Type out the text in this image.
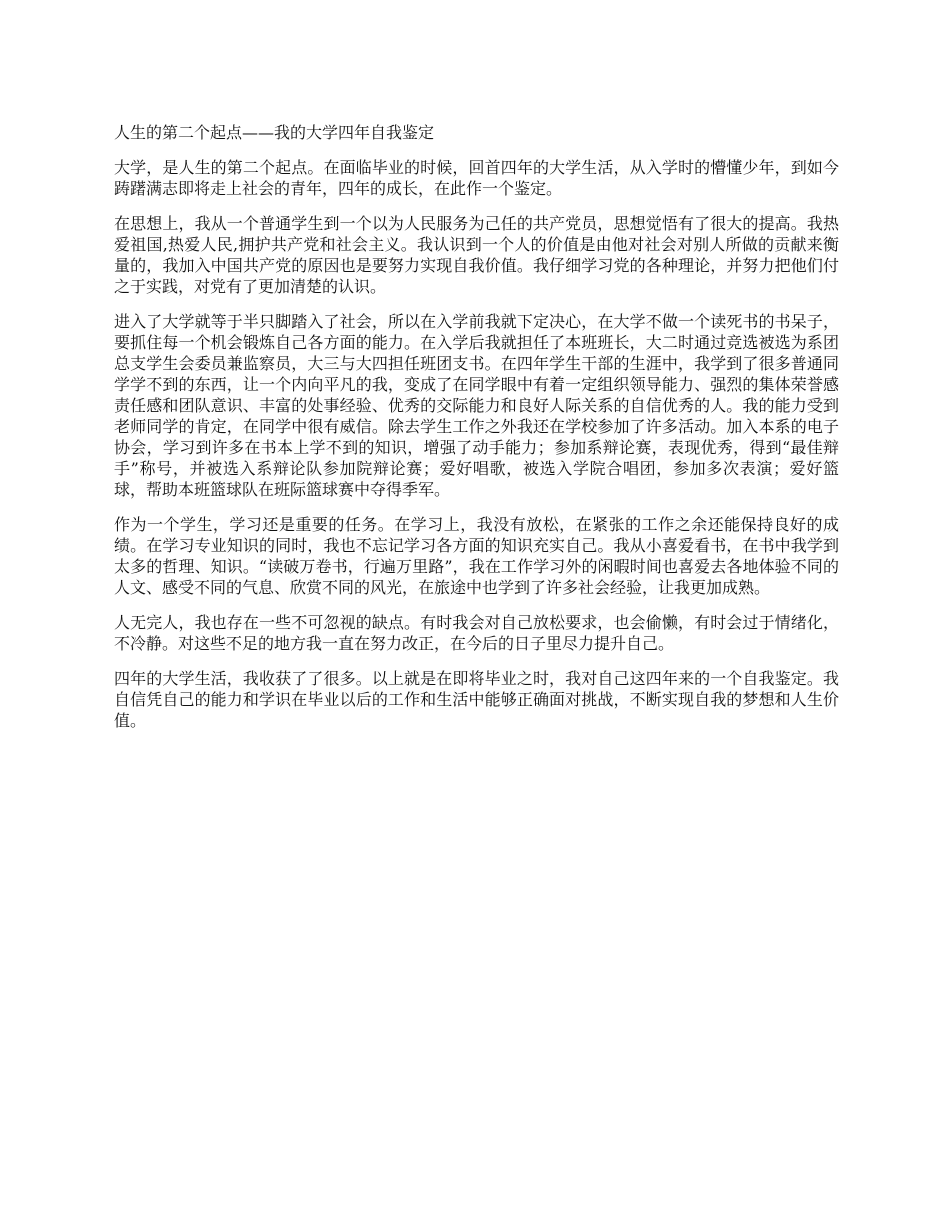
人生的第二个起点——我的大学四年自我鉴定

大学，是人生的第二个起点。在面临毕业的时候，回首四年的大学生活，从入学时的懵懂少年，到如今踌躇满志即将走上社会的青年，四年的成长，在此作一个鉴定。

在思想上，我从一个普通学生到一个以为人民服务为己任的共产党员，思想觉悟有了很大的提高。我热爱祖国,热爱人民,拥护共产党和社会主义。我认识到一个人的价值是由他对社会对别人所做的贡献来衡量的，我加入中国共产党的原因也是要努力实现自我价值。我仔细学习党的各种理论，并努力把他们付之于实践，对党有了更加清楚的认识。

进入了大学就等于半只脚踏入了社会，所以在入学前我就下定决心，在大学不做一个读死书的书呆子，要抓住每一个机会锻炼自己各方面的能力。在入学后我就担任了本班班长，大二时通过竞选被选为系团总支学生会委员兼监察员，大三与大四担任班团支书。在四年学生干部的生涯中，我学到了很多普通同学学不到的东西，让一个内向平凡的我，变成了在同学眼中有着一定组织领导能力、强烈的集体荣誉感责任感和团队意识、丰富的处事经验、优秀的交际能力和良好人际关系的自信优秀的人。我的能力受到老师同学的肯定，在同学中很有威信。除去学生工作之外我还在学校参加了许多活动。加入本系的电子协会，学习到许多在书本上学不到的知识，增强了动手能力；参加系辩论赛，表现优秀，得到“最佳辩手”称号，并被选入系辩论队参加院辩论赛；爱好唱歌，被选入学院合唱团，参加多次表演；爱好篮球，帮助本班篮球队在班际篮球赛中夺得季军。

作为一个学生，学习还是重要的任务。在学习上，我没有放松，在紧张的工作之余还能保持良好的成绩。在学习专业知识的同时，我也不忘记学习各方面的知识充实自己。我从小喜爱看书，在书中我学到太多的哲理、知识。“读破万卷书，行遍万里路”，我在工作学习外的闲暇时间也喜爱去各地体验不同的人文、感受不同的气息、欣赏不同的风光，在旅途中也学到了许多社会经验，让我更加成熟。

人无完人，我也存在一些不可忽视的缺点。有时我会对自己放松要求，也会偷懒，有时会过于情绪化，不冷静。对这些不足的地方我一直在努力改正，在今后的日子里尽力提升自己。

四年的大学生活，我收获了了很多。以上就是在即将毕业之时，我对自己这四年来的一个自我鉴定。我自信凭自己的能力和学识在毕业以后的工作和生活中能够正确面对挑战，不断实现自我的梦想和人生价值。
